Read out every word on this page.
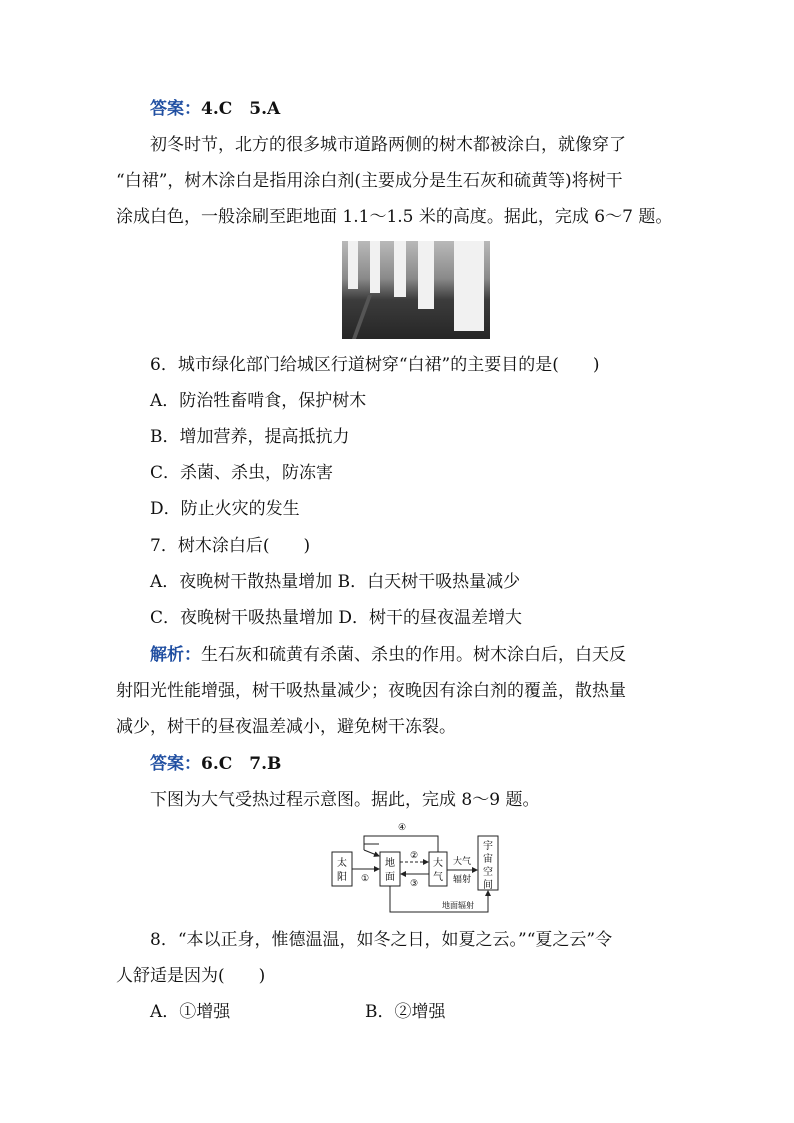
答案：4.C　5.A
初冬时节，北方的很多城市道路两侧的树木都被涂白，就像穿了
“白裙”，树木涂白是指用涂白剂(主要成分是生石灰和硫黄等)将树干
涂成白色，一般涂刷至距地面 1.1～1.5 米的高度。据此，完成 6～7 题。
6．城市绿化部门给城区行道树穿“白裙”的主要目的是(　　)
A．防治牲畜啃食，保护树木
B．增加营养，提高抵抗力
C．杀菌、杀虫，防冻害
D．防止火灾的发生
7．树木涂白后(　　)
A．夜晚树干散热量增加 B．白天树干吸热量减少
C．夜晚树干吸热量增加 D．树干的昼夜温差增大
解析：生石灰和硫黄有杀菌、杀虫的作用。树木涂白后，白天反
射阳光性能增强，树干吸热量减少；夜晚因有涂白剂的覆盖，散热量
减少，树干的昼夜温差减小，避免树干冻裂。
答案：6.C　7.B
下图为大气受热过程示意图。据此，完成 8～9 题。
太
阳
地
面
大
气
宇
宙
空
间
①
②
③
④
大气
辐射
地面辐射
8．“本以正身，惟德温温，如冬之日，如夏之云。”“夏之云”令
人舒适是因为(　　)
A．①增强	B．②增强
